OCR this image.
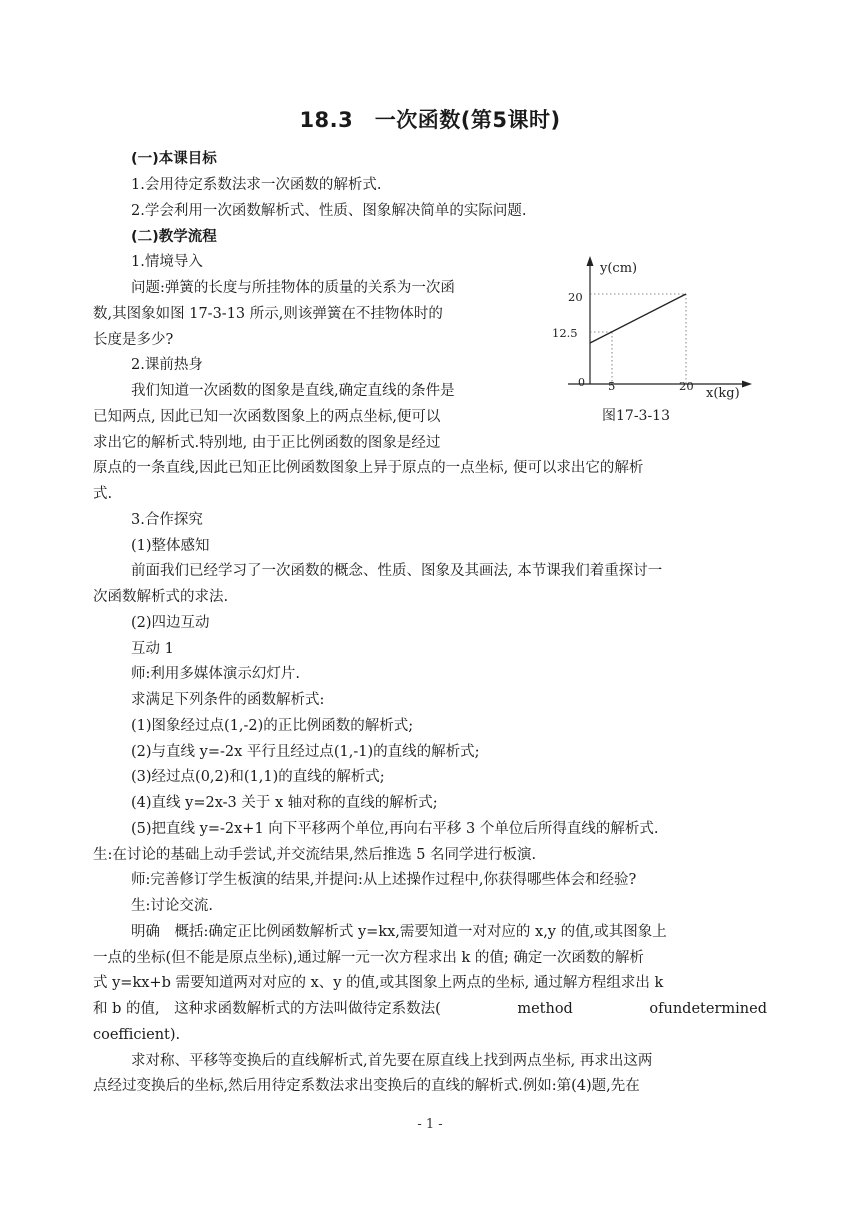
18.3　一次函数(第5课时)
(一)本课目标
1.会用待定系数法求一次函数的解析式.
2.学会利用一次函数解析式、性质、图象解决简单的实际问题.
(二)教学流程
1.情境导入
问题:弹簧的长度与所挂物体的质量的关系为一次函
数,其图象如图 17-3-13 所示,则该弹簧在不挂物体时的
长度是多少?
2.课前热身
我们知道一次函数的图象是直线,确定直线的条件是
已知两点, 因此已知一次函数图象上的两点坐标,便可以
求出它的解析式.特别地, 由于正比例函数的图象是经过
原点的一条直线,因此已知正比例函数图象上异于原点的一点坐标, 便可以求出它的解析
式.
3.合作探究
(1)整体感知
前面我们已经学习了一次函数的概念、性质、图象及其画法, 本节课我们着重探讨一
次函数解析式的求法.
(2)四边互动
互动 1
师:利用多媒体演示幻灯片.
求满足下列条件的函数解析式:
(1)图象经过点(1,-2)的正比例函数的解析式;
(2)与直线 y=-2x 平行且经过点(1,-1)的直线的解析式;
(3)经过点(0,2)和(1,1)的直线的解析式;
(4)直线 y=2x-3 关于 x 轴对称的直线的解析式;
(5)把直线 y=-2x+1 向下平移两个单位,再向右平移 3 个单位后所得直线的解析式.
生:在讨论的基础上动手尝试,并交流结果,然后推选 5 名同学进行板演.
师:完善修订学生板演的结果,并提问:从上述操作过程中,你获得哪些体会和经验?
生:讨论交流.
明确　概括:确定正比例函数解析式 y=kx,需要知道一对对应的 x,y 的值,或其图象上
一点的坐标(但不能是原点坐标),通过解一元一次方程求出 k 的值; 确定一次函数的解析
式 y=kx+b 需要知道两对对应的 x、y 的值,或其图象上两点的坐标, 通过解方程组求出 k
和 b 的值,　这种求函数解析式的方法叫做待定系数法(	method	ofundetermined
coefficient).
求对称、平移等变换后的直线解析式,首先要在原直线上找到两点坐标, 再求出这两
点经过变换后的坐标,然后用待定系数法求出变换后的直线的解析式.例如:第(4)题,先在
y(cm)
x(kg)
20
12.5
0 5	20
图17-3-13
- 1 -
